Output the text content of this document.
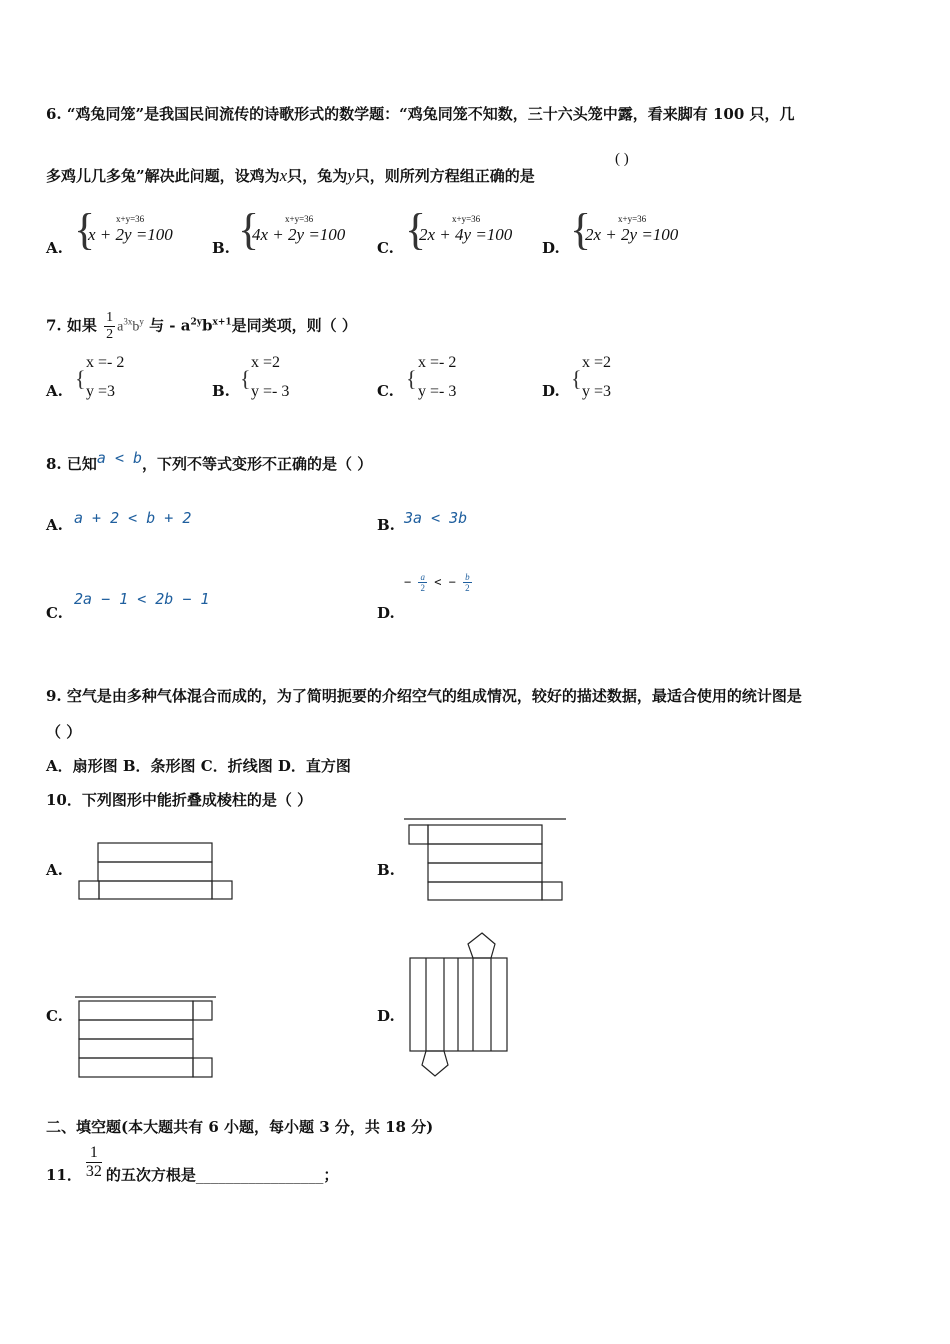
6. “鸡兔同笼”是我国民间流传的诗歌形式的数学题：“鸡兔同笼不知数，三十六头笼中露，看来脚有 100 只，几
多鸡儿几多兔”解决此问题，设鸡为x只，兔为y只，则所列方程组正确的是
( )
A. { x+y=36
x + 2y =100
B. {	x+y=36
4x + 2y =100
C. {	x+y=36
2x + 4y =100
D. {	x+y=36
2x + 2y =100
7. 如果 $\frac{1}{2} a^{3x}b^y$ 与 - $a^{2y}b^{x+1}$是同类项，则（ ）
A. {
x =- 2
y =3	B. {
x =2
y =- 3	C. {
x =- 2
y =- 3	D. {
x =2
y =3
8. 已知a < b，下列不等式变形不正确的是（ ）
A. a + 2 < b + 2	B. 3a < 3b
C.
2a − 1 < 2b − 1
D.
− $\frac{a}{2}$ < − $\frac{b}{2}$
9. 空气是由多种气体混合而成的，为了简明扼要的介绍空气的组成情况，较好的描述数据，最适合使用的统计图是
（ ）
A．扇形图 B．条形图 C．折线图 D．直方图
10．下列图形中能折叠成棱柱的是（ ）
A.	B.
C.	D.
二、填空题(本大题共有 6 小题，每小题 3 分，共 18 分)
11． $\frac{1}{32}$ 的五次方根是 _________________ ；
